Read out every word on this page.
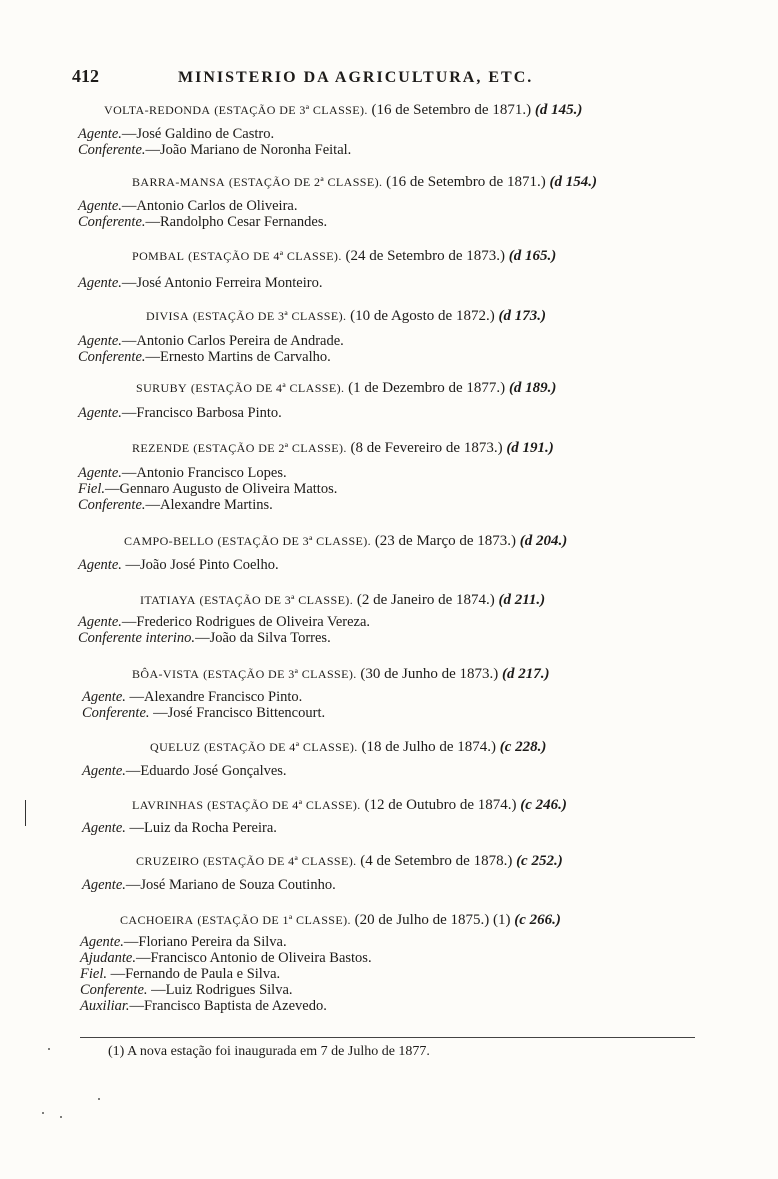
412	MINISTERIO DA AGRICULTURA, ETC.
VOLTA-REDONDA (ESTAÇÃO DE 3ª CLASSE). (16 de Setembro de 1871.) (d 145.)
Agente.—José Galdino de Castro.
Conferente.—João Mariano de Noronha Feital.
BARRA-MANSA (ESTAÇÃO DE 2ª CLASSE). (16 de Setembro de 1871.) (d 154.)
Agente.—Antonio Carlos de Oliveira.
Conferente.—Randolpho Cesar Fernandes.
POMBAL (ESTAÇÃO DE 4ª CLASSE). (24 de Setembro de 1873.) (d 165.)
Agente.—José Antonio Ferreira Monteiro.
DIVISA (ESTAÇÃO DE 3ª CLASSE). (10 de Agosto de 1872.) (d 173.)
Agente.—Antonio Carlos Pereira de Andrade.
Conferente.—Ernesto Martins de Carvalho.
SURUBY (ESTAÇÃO DE 4ª CLASSE). (1 de Dezembro de 1877.) (d 189.)
Agente.—Francisco Barbosa Pinto.
REZENDE (ESTAÇÃO DE 2ª CLASSE). (8 de Fevereiro de 1873.) (d 191.)
Agente.—Antonio Francisco Lopes.
Fiel.—Gennaro Augusto de Oliveira Mattos.
Conferente.—Alexandre Martins.
CAMPO-BELLO (ESTAÇÃO DE 3ª CLASSE). (23 de Março de 1873.) (d 204.)
Agente. —João José Pinto Coelho.
ITATIAYA (ESTAÇÃO DE 3ª CLASSE). (2 de Janeiro de 1874.) (d 211.)
Agente.—Frederico Rodrigues de Oliveira Vereza.
Conferente interino.—João da Silva Torres.
BÔA-VISTA (ESTAÇÃO DE 3ª CLASSE). (30 de Junho de 1873.) (d 217.)
Agente. —Alexandre Francisco Pinto.
Conferente. —José Francisco Bittencourt.
QUELUZ (ESTAÇÃO DE 4ª CLASSE). (18 de Julho de 1874.) (c 228.)
Agente.—Eduardo José Gonçalves.
LAVRINHAS (ESTAÇÃO DE 4ª CLASSE). (12 de Outubro de 1874.) (c 246.)
Agente. —Luiz da Rocha Pereira.
CRUZEIRO (ESTAÇÃO DE 4ª CLASSE). (4 de Setembro de 1878.) (c 252.)
Agente.—José Mariano de Souza Coutinho.
CACHOEIRA (ESTAÇÃO DE 1ª CLASSE). (20 de Julho de 1875.) (1) (c 266.)
Agente.—Floriano Pereira da Silva.
Ajudante.—Francisco Antonio de Oliveira Bastos.
Fiel. —Fernando de Paula e Silva.
Conferente. —Luiz Rodrigues Silva.
Auxiliar.—Francisco Baptista de Azevedo.
(1) A nova estação foi inaugurada em 7 de Julho de 1877.
